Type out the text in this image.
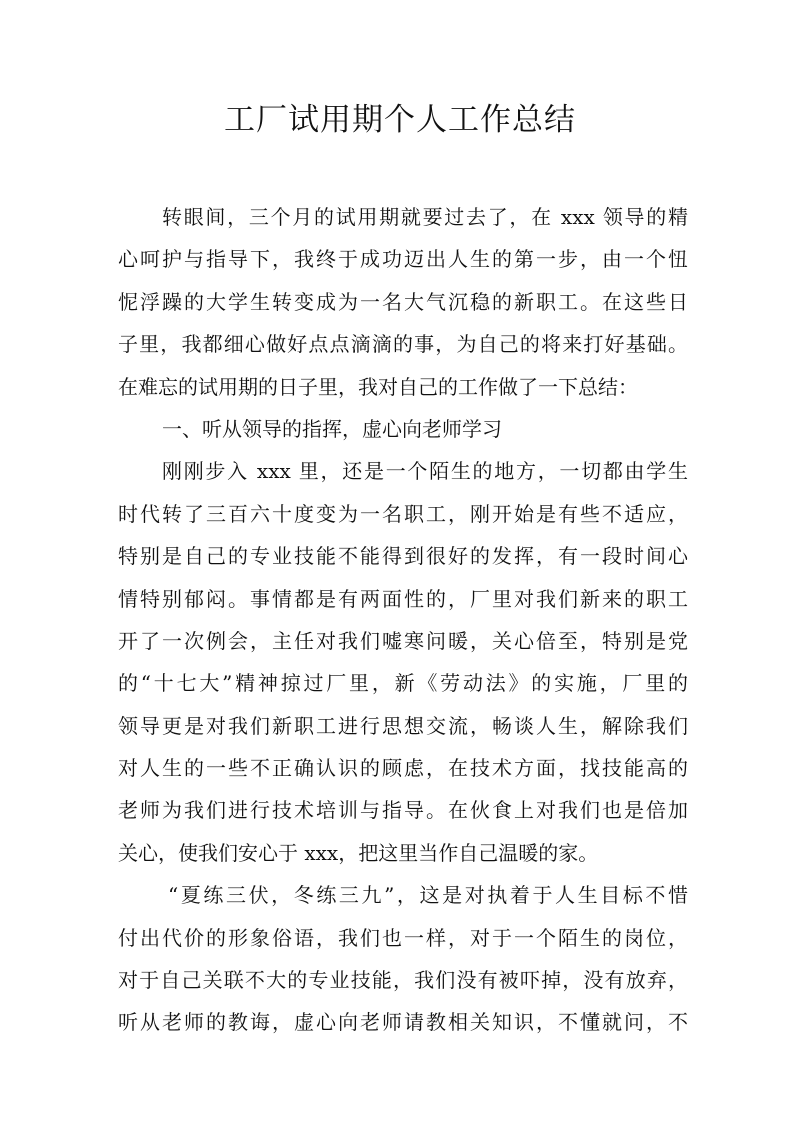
工厂试用期个人工作总结
转眼间，三个月的试用期就要过去了，在 xxx 领导的精
心呵护与指导下，我终于成功迈出人生的第一步，由一个忸
怩浮躁的大学生转变成为一名大气沉稳的新职工。在这些日
子里，我都细心做好点点滴滴的事，为自己的将来打好基础。
在难忘的试用期的日子里，我对自己的工作做了一下总结：
一、听从领导的指挥，虚心向老师学习
刚刚步入 xxx 里，还是一个陌生的地方，一切都由学生
时代转了三百六十度变为一名职工，刚开始是有些不适应，
特别是自己的专业技能不能得到很好的发挥，有一段时间心
情特别郁闷。事情都是有两面性的，厂里对我们新来的职工
开了一次例会，主任对我们嘘寒问暖，关心倍至，特别是党
的“十七大”精神掠过厂里，新《劳动法》的实施，厂里的
领导更是对我们新职工进行思想交流，畅谈人生，解除我们
对人生的一些不正确认识的顾虑，在技术方面，找技能高的
老师为我们进行技术培训与指导。在伙食上对我们也是倍加
关心，使我们安心于 xxx，把这里当作自己温暖的家。
“夏练三伏，冬练三九”，这是对执着于人生目标不惜
付出代价的形象俗语，我们也一样，对于一个陌生的岗位，
对于自己关联不大的专业技能，我们没有被吓掉，没有放弃，
听从老师的教诲，虚心向老师请教相关知识，不懂就问，不
